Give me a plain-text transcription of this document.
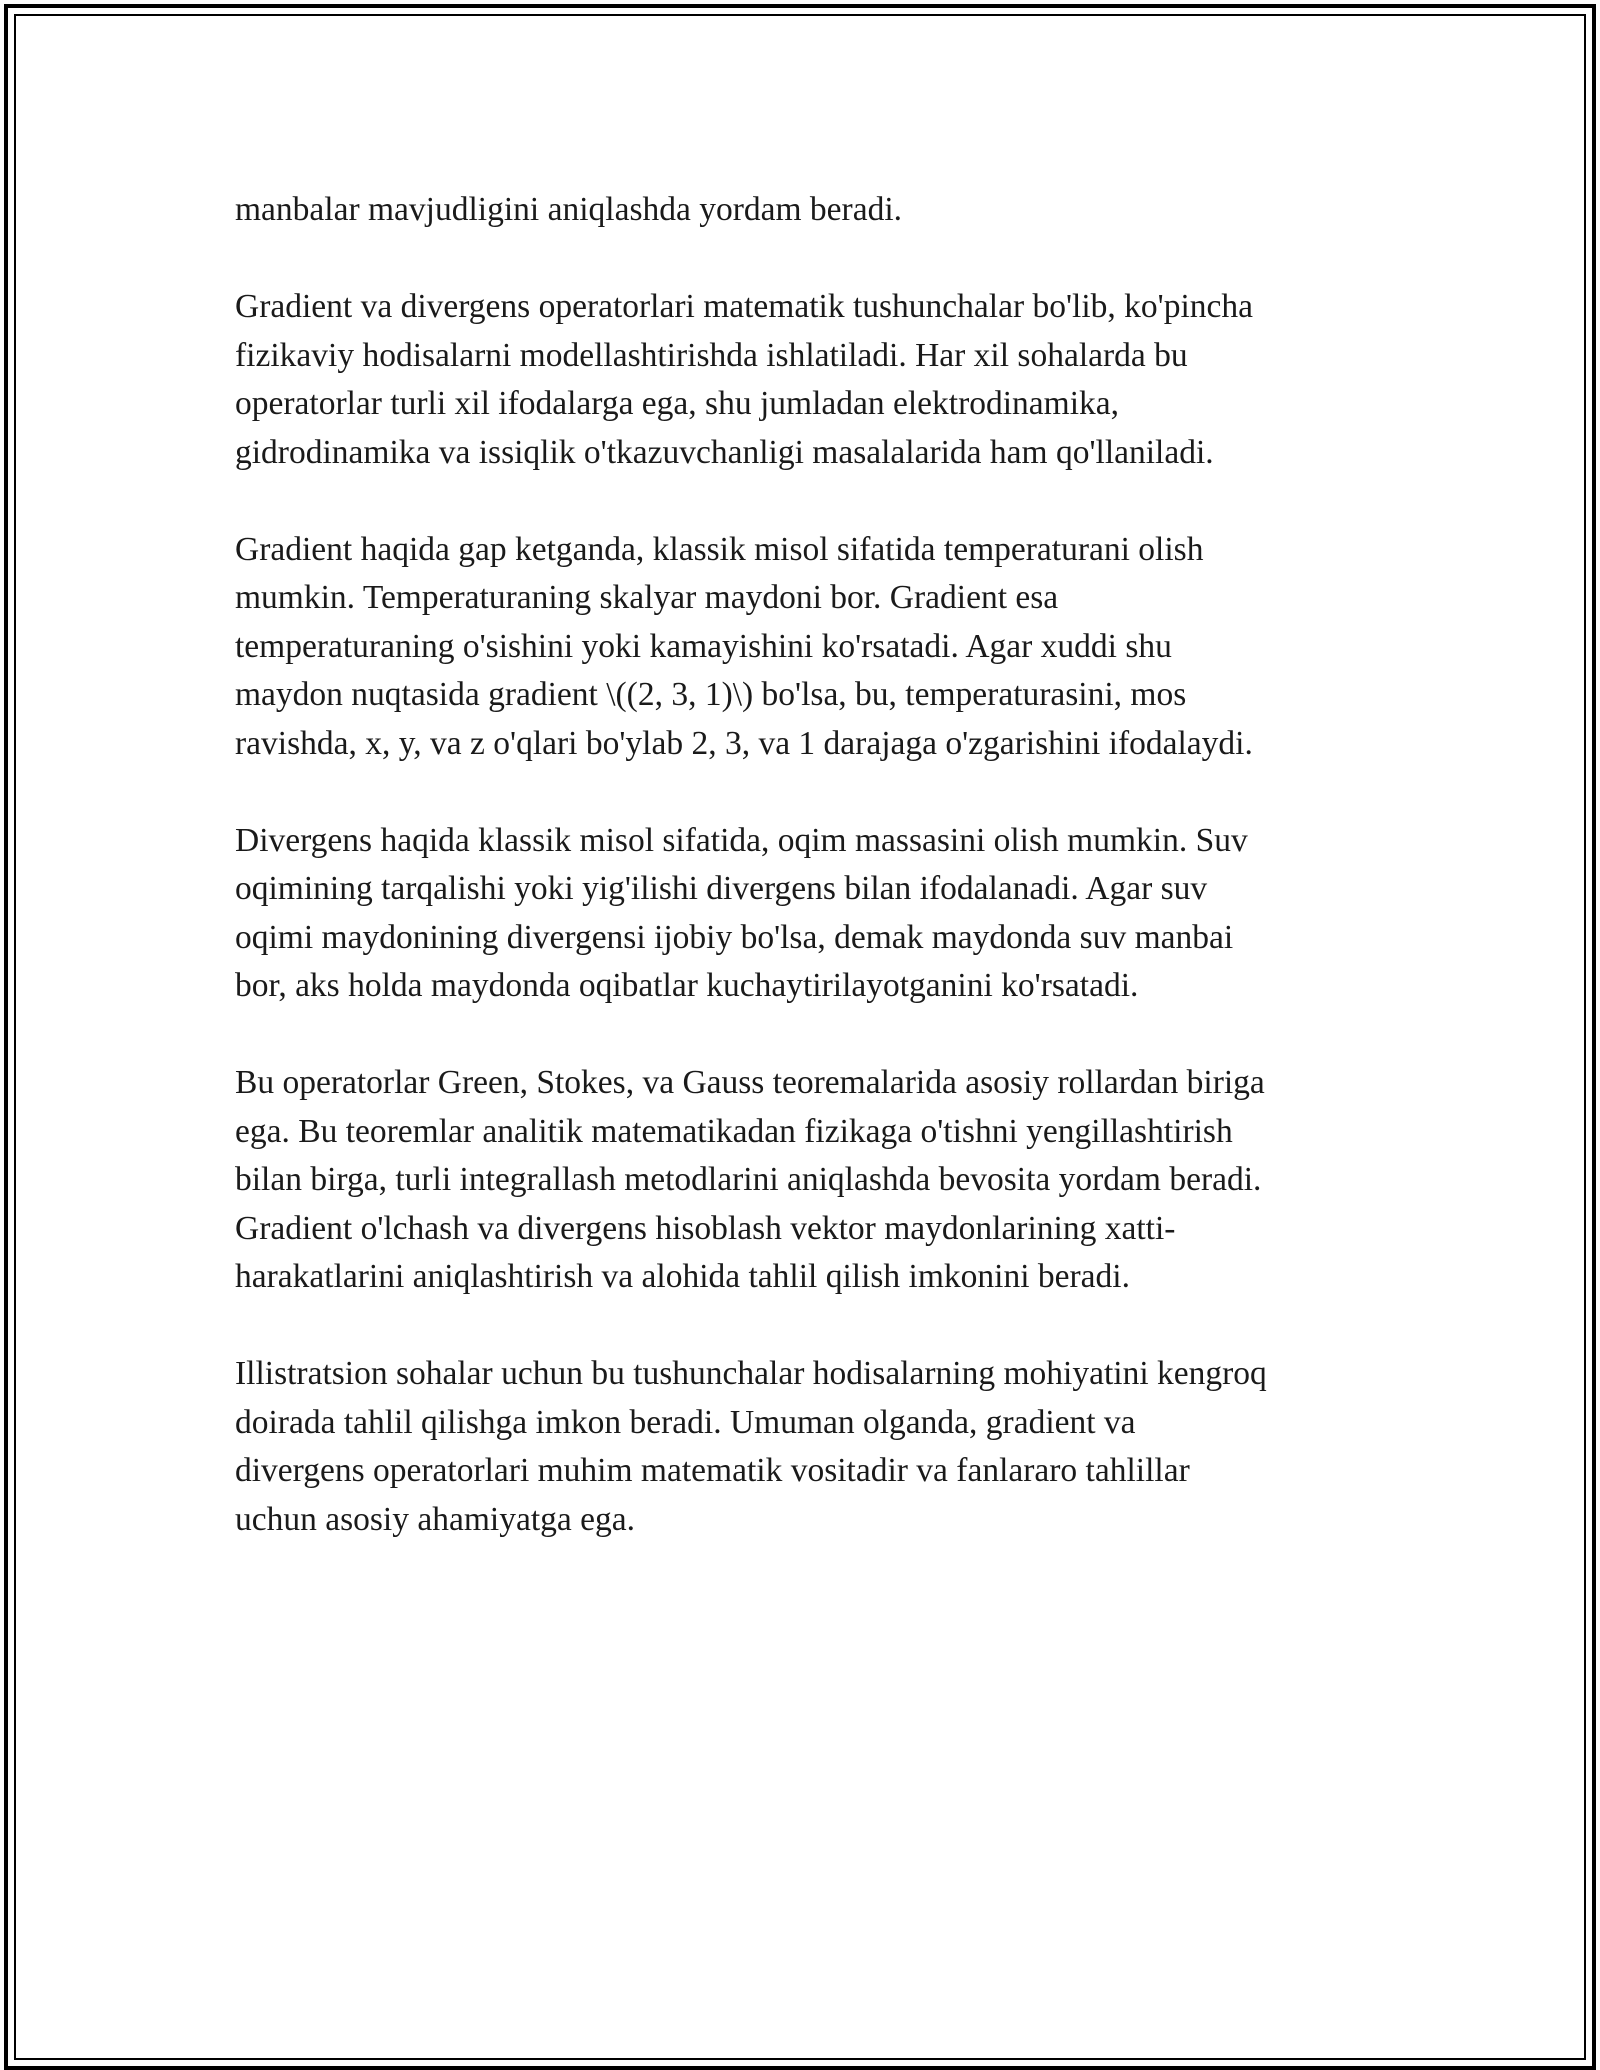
manbalar mavjudligini aniqlashda yordam beradi.

Gradient va divergens operatorlari matematik tushunchalar bo'lib, ko'pincha
fizikaviy hodisalarni modellashtirishda ishlatiladi. Har xil sohalarda bu
operatorlar turli xil ifodalarga ega, shu jumladan elektrodinamika,
gidrodinamika va issiqlik o'tkazuvchanligi masalalarida ham qo'llaniladi.

Gradient haqida gap ketganda, klassik misol sifatida temperaturani olish
mumkin. Temperaturaning skalyar maydoni bor. Gradient esa
temperaturaning o'sishini yoki kamayishini ko'rsatadi. Agar xuddi shu
maydon nuqtasida gradient \((2, 3, 1)\) bo'lsa, bu, temperaturasini, mos
ravishda, x, y, va z o'qlari bo'ylab 2, 3, va 1 darajaga o'zgarishini ifodalaydi.

Divergens haqida klassik misol sifatida, oqim massasini olish mumkin. Suv
oqimining tarqalishi yoki yig'ilishi divergens bilan ifodalanadi. Agar suv
oqimi maydonining divergensi ijobiy bo'lsa, demak maydonda suv manbai
bor, aks holda maydonda oqibatlar kuchaytirilayotganini ko'rsatadi.

Bu operatorlar Green, Stokes, va Gauss teoremalarida asosiy rollardan biriga
ega. Bu teoremlar analitik matematikadan fizikaga o'tishni yengillashtirish
bilan birga, turli integrallash metodlarini aniqlashda bevosita yordam beradi.
Gradient o'lchash va divergens hisoblash vektor maydonlarining xatti-
harakatlarini aniqlashtirish va alohida tahlil qilish imkonini beradi.

Illistratsion sohalar uchun bu tushunchalar hodisalarning mohiyatini kengroq
doirada tahlil qilishga imkon beradi. Umuman olganda, gradient va
divergens operatorlari muhim matematik vositadir va fanlararo tahlillar
uchun asosiy ahamiyatga ega.
